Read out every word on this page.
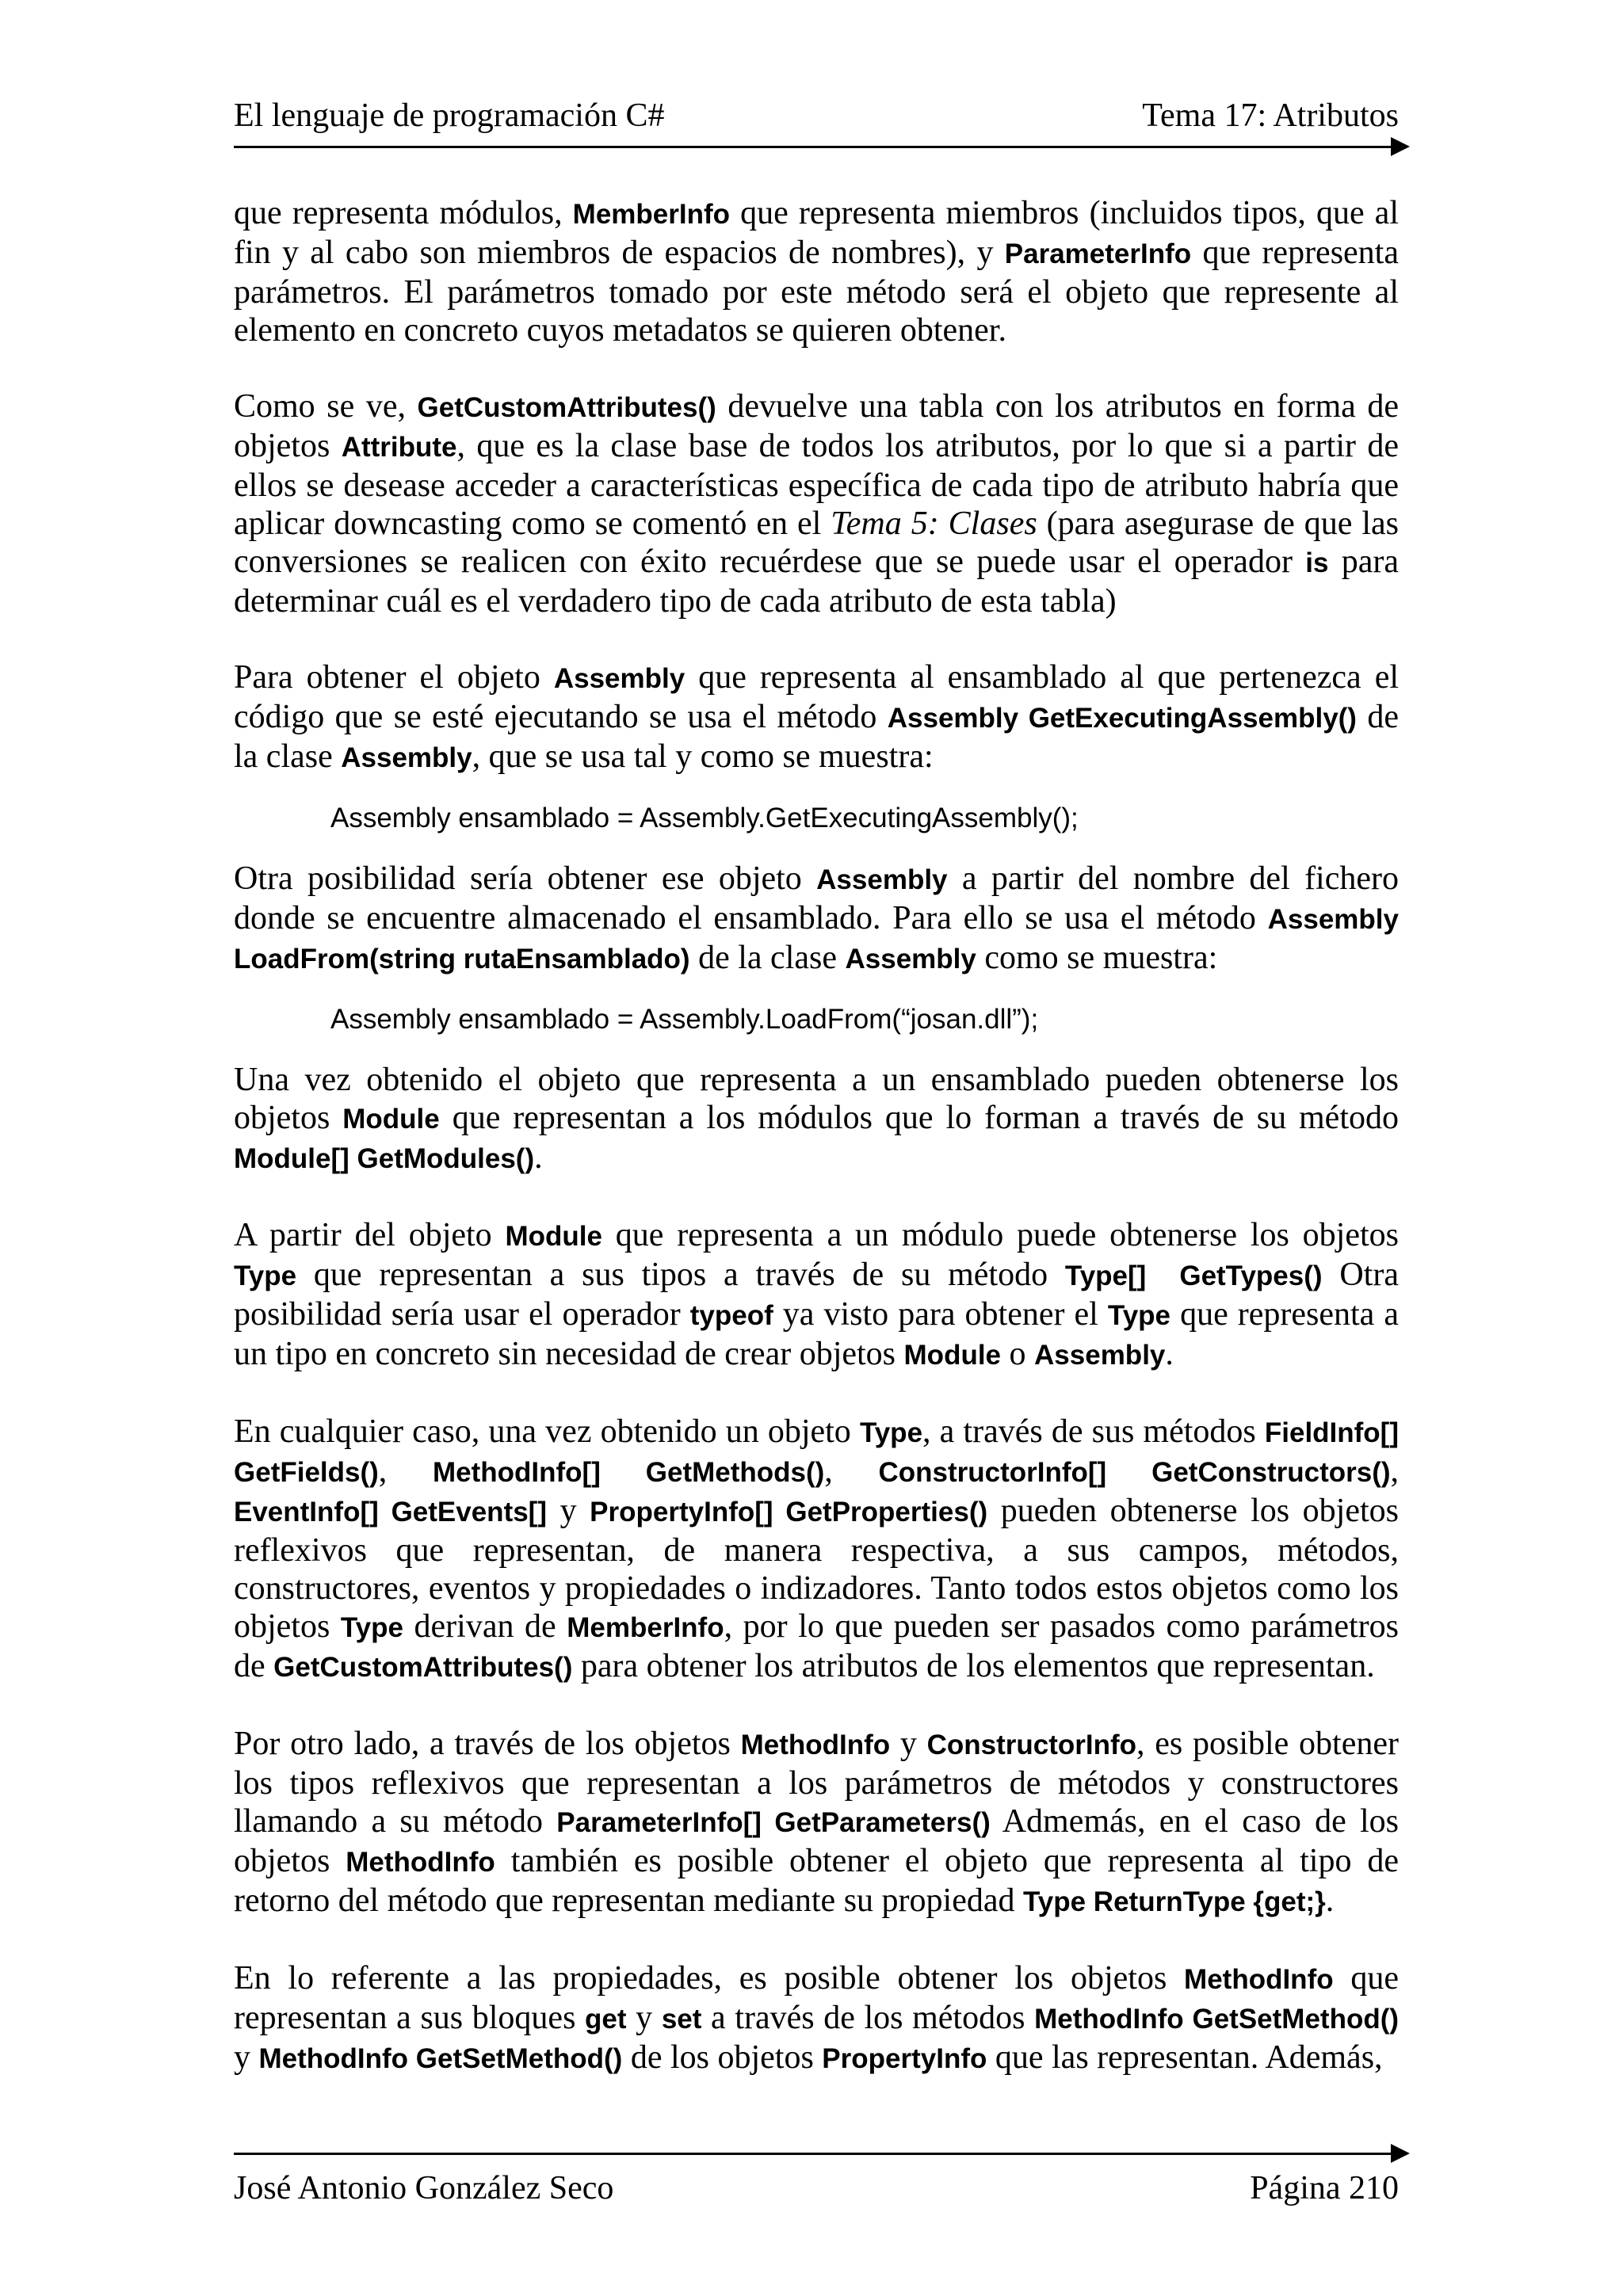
El lenguaje de programación C#	Tema 17: Atributos

que representa módulos, MemberInfo que representa miembros (incluidos tipos, que al fin y al cabo son miembros de espacios de nombres), y ParameterInfo que representa parámetros. El parámetros tomado por este método será el objeto que represente al elemento en concreto cuyos metadatos se quieren obtener.

Como se ve, GetCustomAttributes() devuelve una tabla con los atributos en forma de objetos Attribute, que es la clase base de todos los atributos, por lo que si a partir de ellos se desease acceder a características específica de cada tipo de atributo habría que aplicar downcasting como se comentó en el Tema 5: Clases (para asegurase de que las conversiones se realicen con éxito recuérdese que se puede usar el operador is para determinar cuál es el verdadero tipo de cada atributo de esta tabla)

Para obtener el objeto Assembly que representa al ensamblado al que pertenezca el código que se esté ejecutando se usa el método Assembly GetExecutingAssembly() de la clase Assembly, que se usa tal y como se muestra:

Assembly ensamblado = Assembly.GetExecutingAssembly();

Otra posibilidad sería obtener ese objeto Assembly a partir del nombre del fichero donde se encuentre almacenado el ensamblado. Para ello se usa el método Assembly LoadFrom(string rutaEnsamblado) de la clase Assembly como se muestra:

Assembly ensamblado = Assembly.LoadFrom(“josan.dll”);

Una vez obtenido el objeto que representa a un ensamblado pueden obtenerse los objetos Module que representan a los módulos que lo forman a través de su método Module[] GetModules().

A partir del objeto Module que representa a un módulo puede obtenerse los objetos Type que representan a sus tipos a través de su método Type[]  GetTypes() Otra posibilidad sería usar el operador typeof ya visto para obtener el Type que representa a un tipo en concreto sin necesidad de crear objetos Module o Assembly.

En cualquier caso, una vez obtenido un objeto Type, a través de sus métodos FieldInfo[] GetFields(), MethodInfo[] GetMethods(), ConstructorInfo[] GetConstructors(), EventInfo[] GetEvents[] y PropertyInfo[] GetProperties() pueden obtenerse los objetos reflexivos que representan, de manera respectiva, a sus campos, métodos, constructores, eventos y propiedades o indizadores. Tanto todos estos objetos como los objetos Type derivan de MemberInfo, por lo que pueden ser pasados como parámetros de GetCustomAttributes() para obtener los atributos de los elementos que representan.

Por otro lado, a través de los objetos MethodInfo y ConstructorInfo, es posible obtener los tipos reflexivos que representan a los parámetros de métodos y constructores llamando a su método ParameterInfo[] GetParameters() Admemás, en el caso de los objetos MethodInfo también es posible obtener el objeto que representa al tipo de retorno del método que representan mediante su propiedad Type ReturnType {get;}.

En lo referente a las propiedades, es posible obtener los objetos MethodInfo que representan a sus bloques get y set a través de los métodos MethodInfo GetSetMethod() y MethodInfo GetSetMethod() de los objetos PropertyInfo que las representan. Además,

José Antonio González Seco	Página 210
